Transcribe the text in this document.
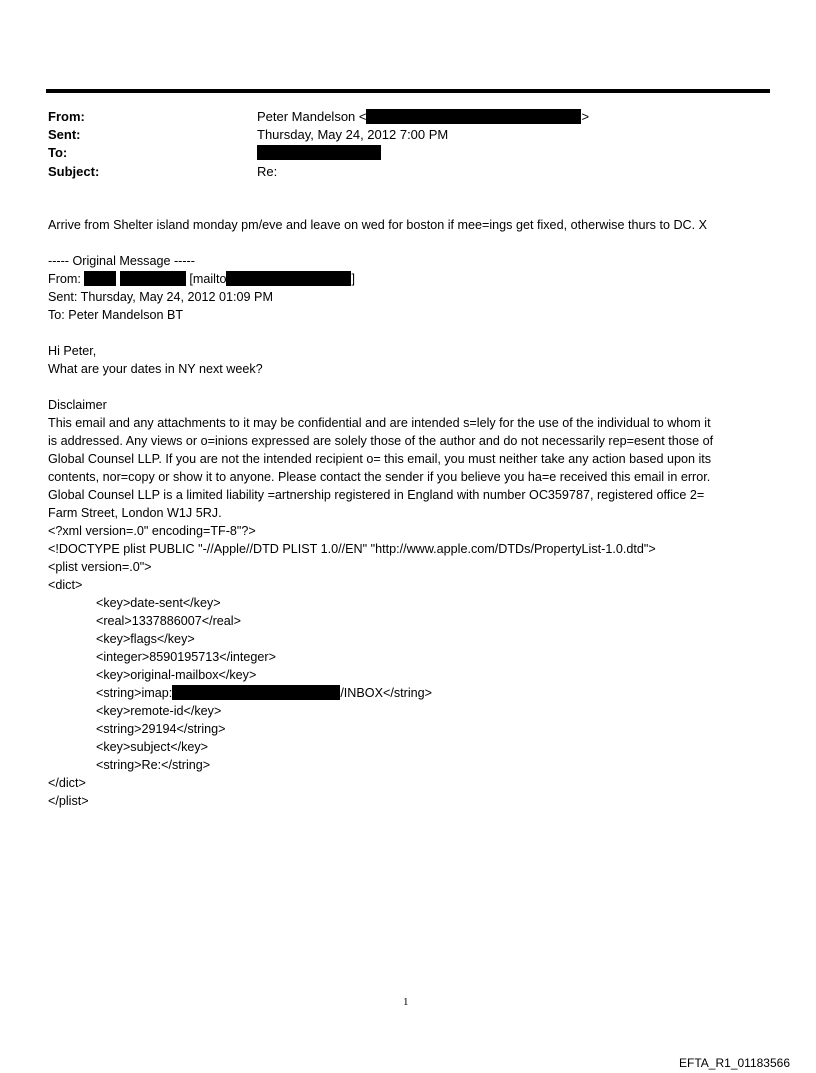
From:	Peter Mandelson <	>
Sent:	Thursday, May 24, 2012 7:00 PM
To:
Subject:	Re:
Arrive from Shelter island monday pm/eve and leave on wed for boston if mee=ings get fixed, otherwise thurs to DC. X
----- Original Message -----
From:	[mailto	]
Sent: Thursday, May 24, 2012 01:09 PM
To: Peter Mandelson BT
Hi Peter,
What are your dates in NY next week?
Disclaimer
This email and any attachments to it may be confidential and are intended s=lely for the use of the individual to whom it
is addressed. Any views or o=inions expressed are solely those of the author and do not necessarily rep=esent those of
Global Counsel LLP. If you are not the intended recipient o= this email, you must neither take any action based upon its
contents, nor=copy or show it to anyone. Please contact the sender if you believe you ha=e received this email in error.
Global Counsel LLP is a limited liability =artnership registered in England with number OC359787, registered office 2=
Farm Street, London W1J 5RJ.
<?xml version=.0" encoding=TF-8"?>
<!DOCTYPE plist PUBLIC "-//Apple//DTD PLIST 1.0//EN" "http://www.apple.com/DTDs/PropertyList-1.0.dtd">
<plist version=.0">
<dict>
<key>date-sent</key>
<real>1337886007</real>
<key>flags</key>
<integer>8590195713</integer>
<key>original-mailbox</key>
<string>imap:	/INBOX</string>
<key>remote-id</key>
<string>29194</string>
<key>subject</key>
<string>Re:</string>
</dict>
</plist>
1
EFTA_R1_01183566
